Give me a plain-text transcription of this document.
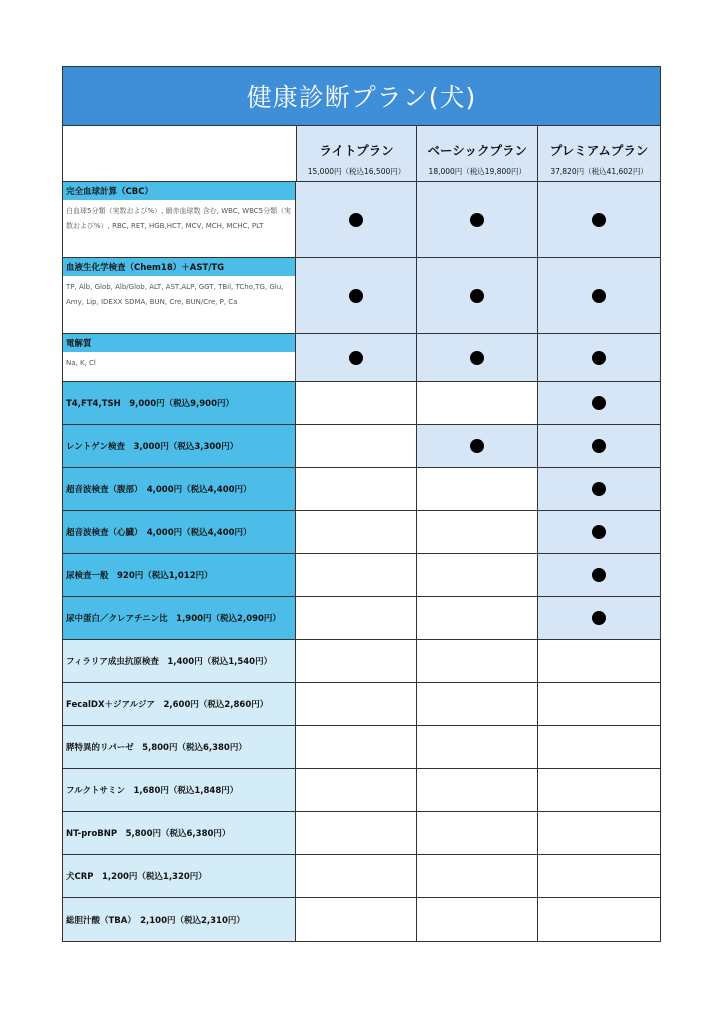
健康診断プラン(犬)
ライトプラン
15,000円（税込16,500円）
ベーシックプラン
18,000円（税込19,800円）
プレミアムプラン
37,820円（税込41,602円）
完全血球計算（CBC）
白血球5分類（実数および%）, 網赤血球数 含む, WBC, WBC5分類（実数および%）, RBC, RET, HGB,HCT, MCV, MCH, MCHC, PLT
血液生化学検査（Chem18）＋AST/TG
TP, Alb, Glob, Alb/Glob, ALT, AST,ALP, GGT, TBil, TCho,TG, Glu, Amy, Lip, IDEXX SDMA, BUN, Cre, BUN/Cre, P, Ca
電解質
Na, K, Cl
T4,FT4,TSH　9,000円（税込9,900円）
レントゲン検査　3,000円（税込3,300円）
超音波検査（腹部）　4,000円（税込4,400円）
超音波検査（心臓）　4,000円（税込4,400円）
尿検査一般　920円（税込1,012円）
尿中蛋白／クレアチニン比　1,900円（税込2,090円）
フィラリア成虫抗原検査　1,400円（税込1,540円）
FecalDX＋ジアルジア　2,600円（税込2,860円）
膵特異的リパーゼ　5,800円（税込6,380円）
フルクトサミン　1,680円（税込1,848円）
NT-proBNP　5,800円（税込6,380円）
犬CRP　1,200円（税込1,320円）
総胆汁酸（TBA）　2,100円（税込2,310円）
